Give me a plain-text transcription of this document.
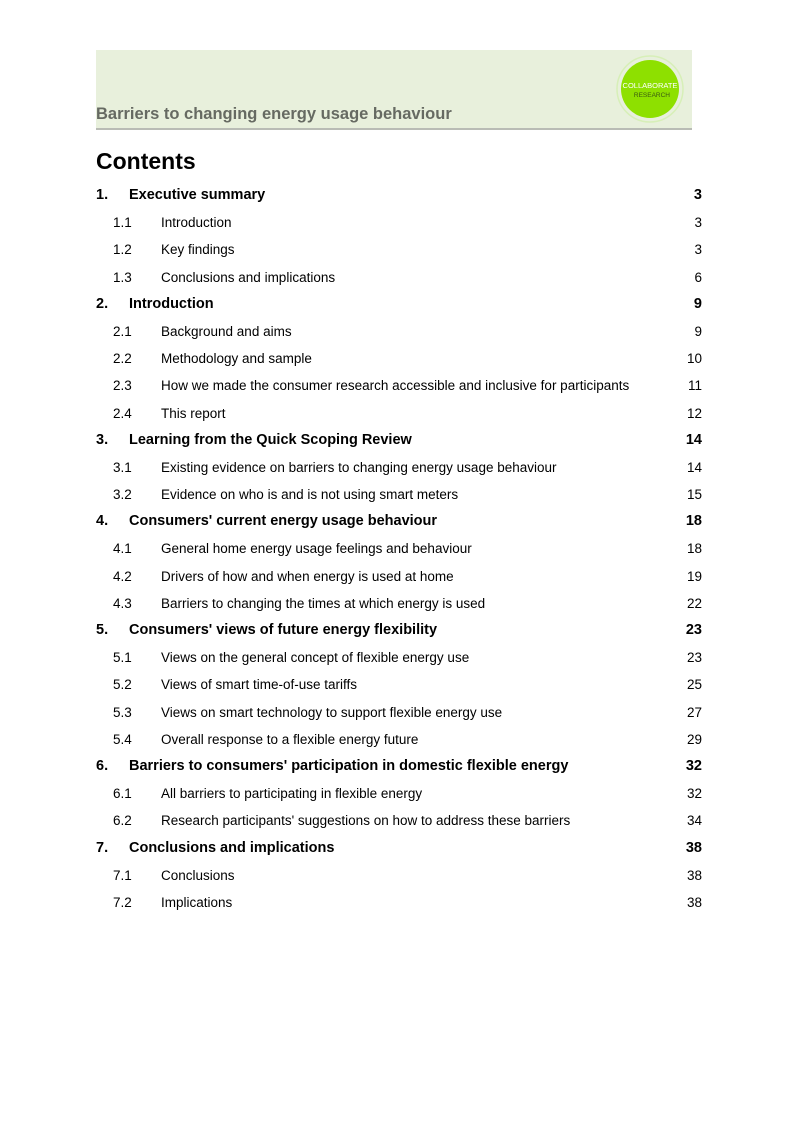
Barriers to changing energy usage behaviour
COLLABORATE
RESEARCH
Contents
1. Executive summary	3
1.1 Introduction	3
1.2 Key findings	3
1.3 Conclusions and implications	6
2. Introduction	9
2.1 Background and aims	9
2.2 Methodology and sample	10
2.3 How we made the consumer research accessible and inclusive for participants	11
2.4 This report	12
3. Learning from the Quick Scoping Review	14
3.1 Existing evidence on barriers to changing energy usage behaviour	14
3.2 Evidence on who is and is not using smart meters	15
4. Consumers' current energy usage behaviour	18
4.1 General home energy usage feelings and behaviour	18
4.2 Drivers of how and when energy is used at home	19
4.3 Barriers to changing the times at which energy is used	22
5. Consumers' views of future energy flexibility	23
5.1 Views on the general concept of flexible energy use	23
5.2 Views of smart time-of-use tariffs	25
5.3 Views on smart technology to support flexible energy use	27
5.4 Overall response to a flexible energy future	29
6. Barriers to consumers' participation in domestic flexible energy	32
6.1 All barriers to participating in flexible energy	32
6.2 Research participants' suggestions on how to address these barriers	34
7. Conclusions and implications	38
7.1 Conclusions	38
7.2 Implications	38
